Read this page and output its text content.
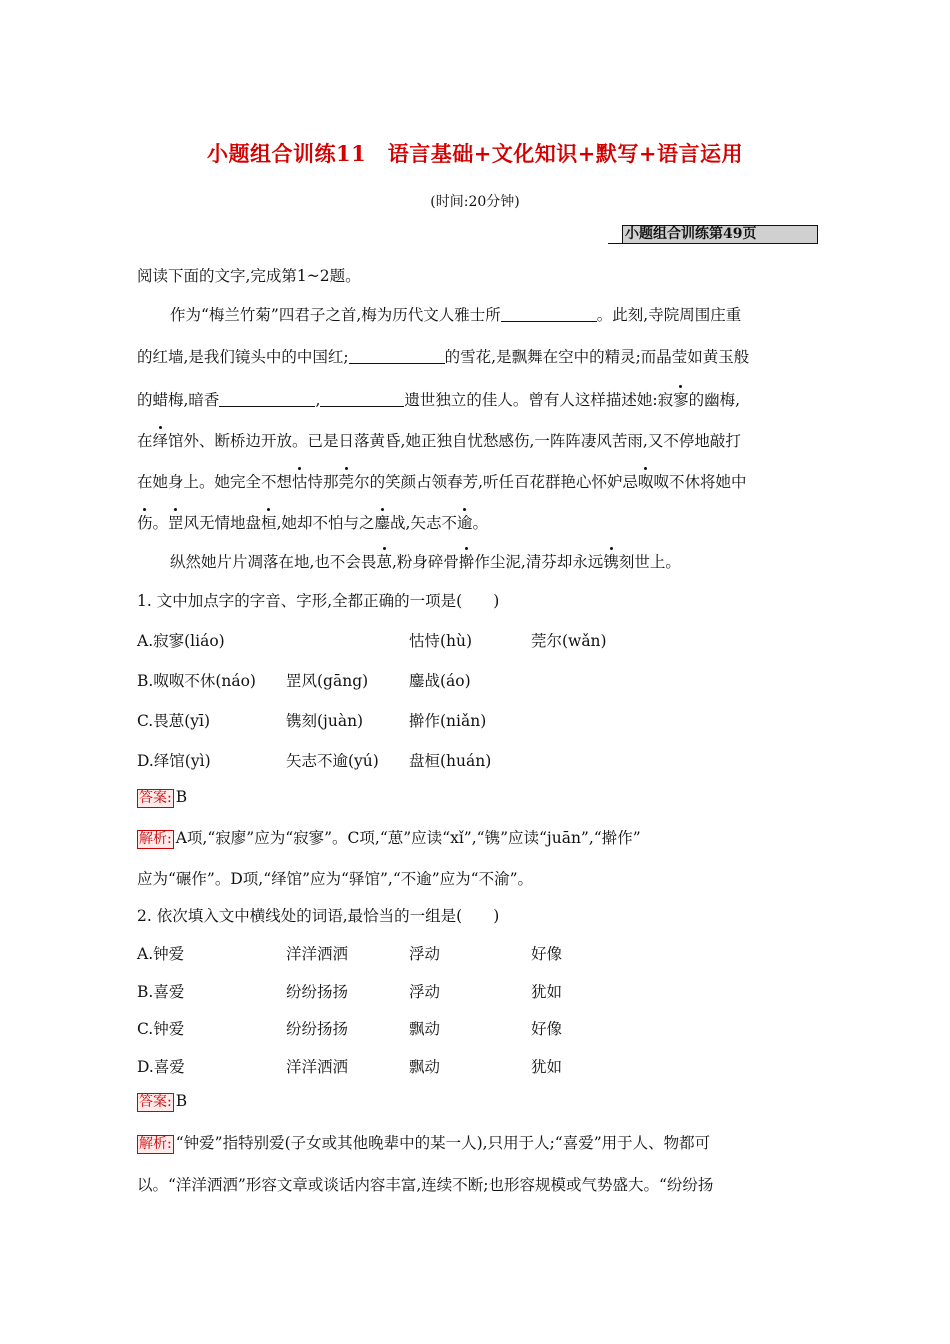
小题组合训练11　语言基础+文化知识+默写+语言运用
(时间:20分钟)
小题组合训练第49页
阅读下面的文字,完成第1~2题。
作为“梅兰竹菊”四君子之首,梅为历代文人雅士所	。此刻,寺院周围庄重
的红墙,是我们镜头中的中国红;	的雪花,是飘舞在空中的精灵;而晶莹如黄玉般
的蜡梅,暗香	,	遗世独立的佳人。曾有人这样描述她:寂寥的幽梅,
在绎馆外、断桥边开放。已是日落黄昏,她正独自忧愁感伤,一阵阵凄风苦雨,又不停地敲打
在她身上。她完全不想怙恃那莞尔的笑颜占领春芳,听任百花群艳心怀妒忌呶呶不休将她中
伤。罡风无情地盘桓,她却不怕与之鏖战,矢志不逾。
纵然她片片凋落在地,也不会畏葸,粉身碎骨擀作尘泥,清芬却永远镌刻世上。
1. 文中加点字的字音、字形,全都正确的一项是(　　)
A.寂寥(liáo)	怙恃(hù)	莞尔(wǎn)
B.呶呶不休(náo) 罡风(gāng)	鏖战(áo)
C.畏葸(yī)	镌刻(juàn)	擀作(niǎn)
D.绎馆(yì)	矢志不逾(yú) 盘桓(huán)
答案: B
解析: A项,“寂廖”应为“寂寥”。C项,“葸”应读“xǐ”,“镌”应读“juān”,“擀作”
应为“碾作”。D项,“绎馆”应为“驿馆”,“不逾”应为“不渝”。
2. 依次填入文中横线处的词语,最恰当的一组是(　　)
A.钟爱	洋洋洒洒	浮动	好像
B.喜爱	纷纷扬扬	浮动	犹如
C.钟爱	纷纷扬扬	飘动	好像
D.喜爱	洋洋洒洒	飘动	犹如
答案: B
解析: “钟爱”指特别爱(子女或其他晚辈中的某一人),只用于人;“喜爱”用于人、物都可
以。“洋洋洒洒”形容文章或谈话内容丰富,连续不断;也形容规模或气势盛大。“纷纷扬
